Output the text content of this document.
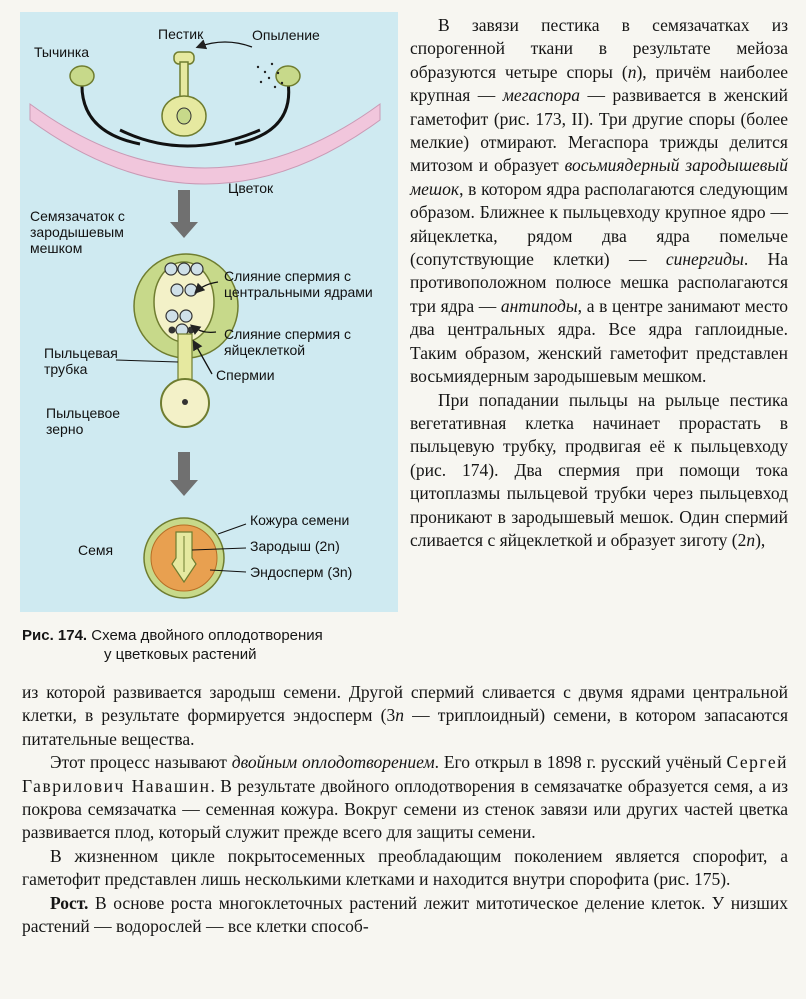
Опыление
Пестик
Тычинка
Цветок
Семязачаток с зародышевым мешком
Слияние спермия с центральными ядрами
Слияние спермия с яйцеклеткой
Пыльцевая трубка	Спермии
Пыльцевое зерно
Семя
Кожура семени
Зародыш (2n)
Эндосперм (3n)
Рис. 174. Схема двойного оплодотворения
у цветковых растений

В завязи пестика в семязачатках из спорогенной ткани в результате мейоза образуются четыре споры (n), причём наиболее крупная — мегаспора — развивается в женский гаметофит (рис. 173, II). Три другие споры (более мелкие) отмирают. Мегаспора трижды делится митозом и образует восьмиядерный зародышевый мешок, в котором ядра располагаются следующим образом. Ближнее к пыльцевходу крупное ядро — яйцеклетка, рядом два ядра помельче (сопутствующие клетки) — синергиды. На противоположном полюсе мешка располагаются три ядра — антиподы, а в центре занимают место два центральных ядра. Все ядра гаплоидные. Таким образом, женский гаметофит представлен восьмиядерным зародышевым мешком.

При попадании пыльцы на рыльце пестика вегетативная клетка начинает прорастать в пыльцевую трубку, продвигая её к пыльцевходу (рис. 174). Два спермия при помощи тока цитоплазмы пыльцевой трубки через пыльцевход проникают в зародышевый мешок. Один спермий сливается с яйцеклеткой и образует зиготу (2n),

из которой развивается зародыш семени. Другой спермий сливается с двумя ядрами центральной клетки, в результате формируется эндосперм (3n — триплоидный) семени, в котором запасаются питательные вещества.

Этот процесс называют двойным оплодотворением. Его открыл в 1898 г. русский учёный Сергей Гаврилович Навашин. В результате двойного оплодотворения в семязачатке образуется семя, а из покрова семязачатка — семенная кожура. Вокруг семени из стенок завязи или других частей цветка развивается плод, который служит прежде всего для защиты семени.

В жизненном цикле покрытосеменных преобладающим поколением является спорофит, а гаметофит представлен лишь несколькими клетками и находится внутри спорофита (рис. 175).

Рост. В основе роста многоклеточных растений лежит митотическое деление клеток. У низших растений — водорослей — все клетки способ-
